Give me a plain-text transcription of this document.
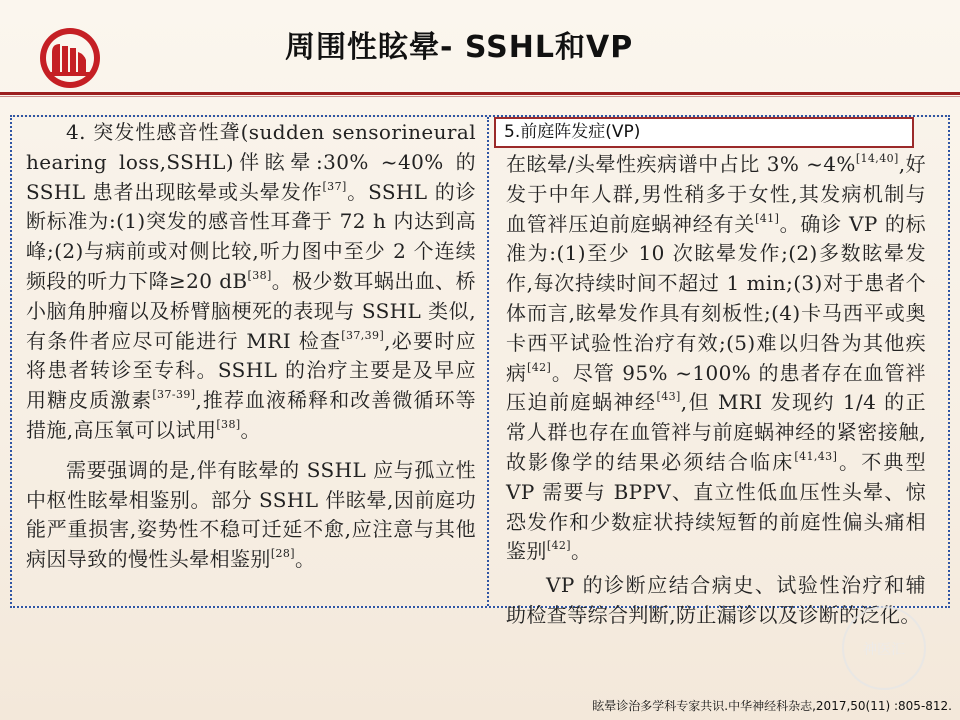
周围性眩晕- SSHL和VP

4. 突发性感音性聋(sudden sensorineural hearing loss,SSHL)伴眩晕:30% ~40% 的 SSHL 患者出现眩晕或头晕发作[37]。SSHL 的诊断标准为:(1)突发的感音性耳聋于 72 h 内达到高峰;(2)与病前或对侧比较,听力图中至少 2 个连续频段的听力下降≥20 dB[38]。极少数耳蜗出血、桥小脑角肿瘤以及桥臂脑梗死的表现与 SSHL 类似,有条件者应尽可能进行 MRI 检查[37,39],必要时应将患者转诊至专科。SSHL 的治疗主要是及早应用糖皮质激素[37-39],推荐血液稀释和改善微循环等措施,高压氧可以试用[38]。

需要强调的是,伴有眩晕的 SSHL 应与孤立性中枢性眩晕相鉴别。部分 SSHL 伴眩晕,因前庭功能严重损害,姿势性不稳可迁延不愈,应注意与其他病因导致的慢性头晕相鉴别[28]。

5.前庭阵发症(VP)

在眩晕/头晕性疾病谱中占比 3% ~4%[14,40],好发于中年人群,男性稍多于女性,其发病机制与血管袢压迫前庭蜗神经有关[41]。确诊 VP 的标准为:(1)至少 10 次眩晕发作;(2)多数眩晕发作,每次持续时间不超过 1 min;(3)对于患者个体而言,眩晕发作具有刻板性;(4)卡马西平或奥卡西平试验性治疗有效;(5)难以归咎为其他疾病[42]。尽管 95% ~100% 的患者存在血管袢压迫前庭蜗神经[43],但 MRI 发现约 1/4 的正常人群也存在血管袢与前庭蜗神经的紧密接触,故影像学的结果必须结合临床[41,43]。不典型 VP 需要与 BPPV、直立性低血压性头晕、惊恐发作和少数症状持续短暂的前庭性偏头痛相鉴别[42]。

VP 的诊断应结合病史、试验性治疗和辅助检查等综合判断,防止漏诊以及诊断的泛化。

神医汇
眩晕诊治多学科专家共识.中华神经科杂志,2017,50(11) :805-812.
